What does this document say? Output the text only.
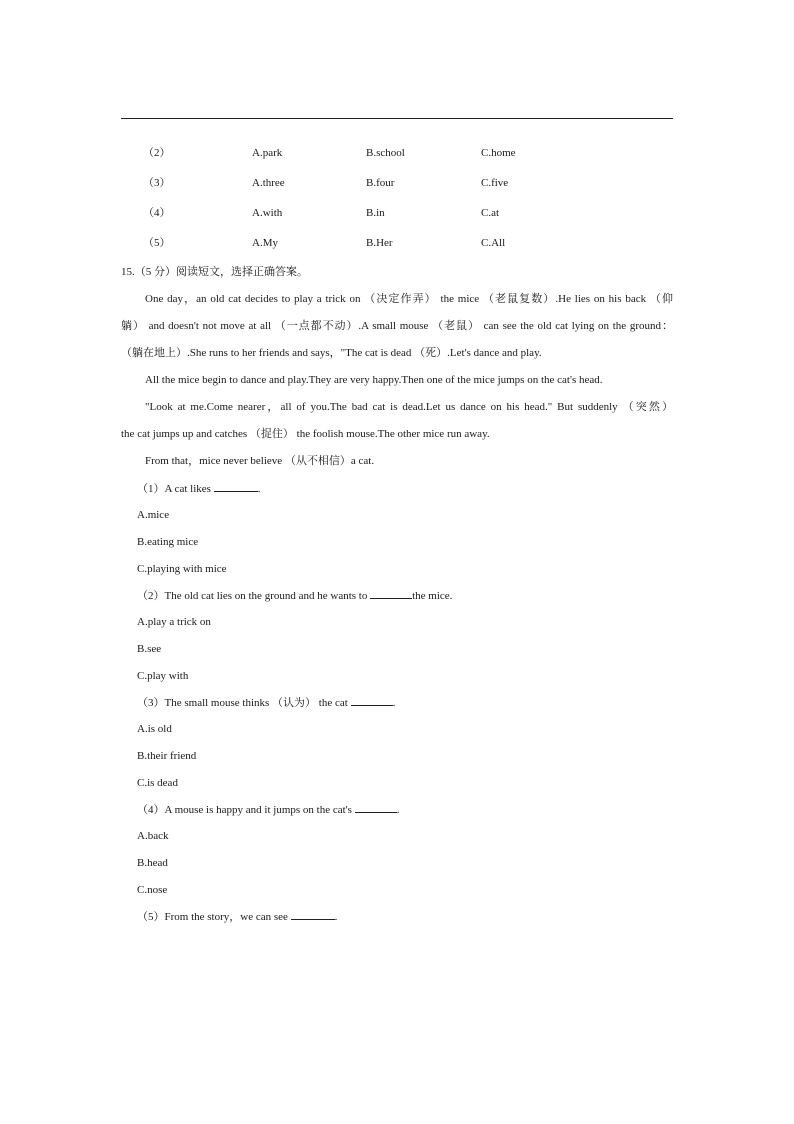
（2）	A.park	B.school	C.home
（3）	A.three	B.four	C.five
（4）	A.with	B.in	C.at
（5）	A.My	B.Her	C.All
15.（5 分）阅读短文，选择正确答案。
One day，an old cat decides to play a trick on （决定作弄） the mice （老鼠复数）.He lies on his back （仰
躺） and doesn't not move at all （一点都不动）.A small mouse （老鼠） can see the old cat lying on the ground：
（躺在地上）.She runs to her friends and says，"The cat is dead （死）.Let's dance and play.
All the mice begin to dance and play.They are very happy.Then one of the mice jumps on the cat's head.
"Look at me.Come nearer，all of you.The bad cat is dead.Let us dance on his head." But suddenly （突然）
the cat jumps up and catches （捉住） the foolish mouse.The other mice run away.
From that，mice never believe （从不相信）a cat.
（1）A cat likes	.
A.mice
B.eating mice
C.playing with mice
（2）The old cat lies on the ground and he wants to	the mice.
A.play a trick on
B.see
C.play with
（3）The small mouse thinks （认为） the cat	.
A.is old
B.their friend
C.is dead
（4）A mouse is happy and it jumps on the cat's	.
A.back
B.head
C.nose
（5）From the story，we can see	.
